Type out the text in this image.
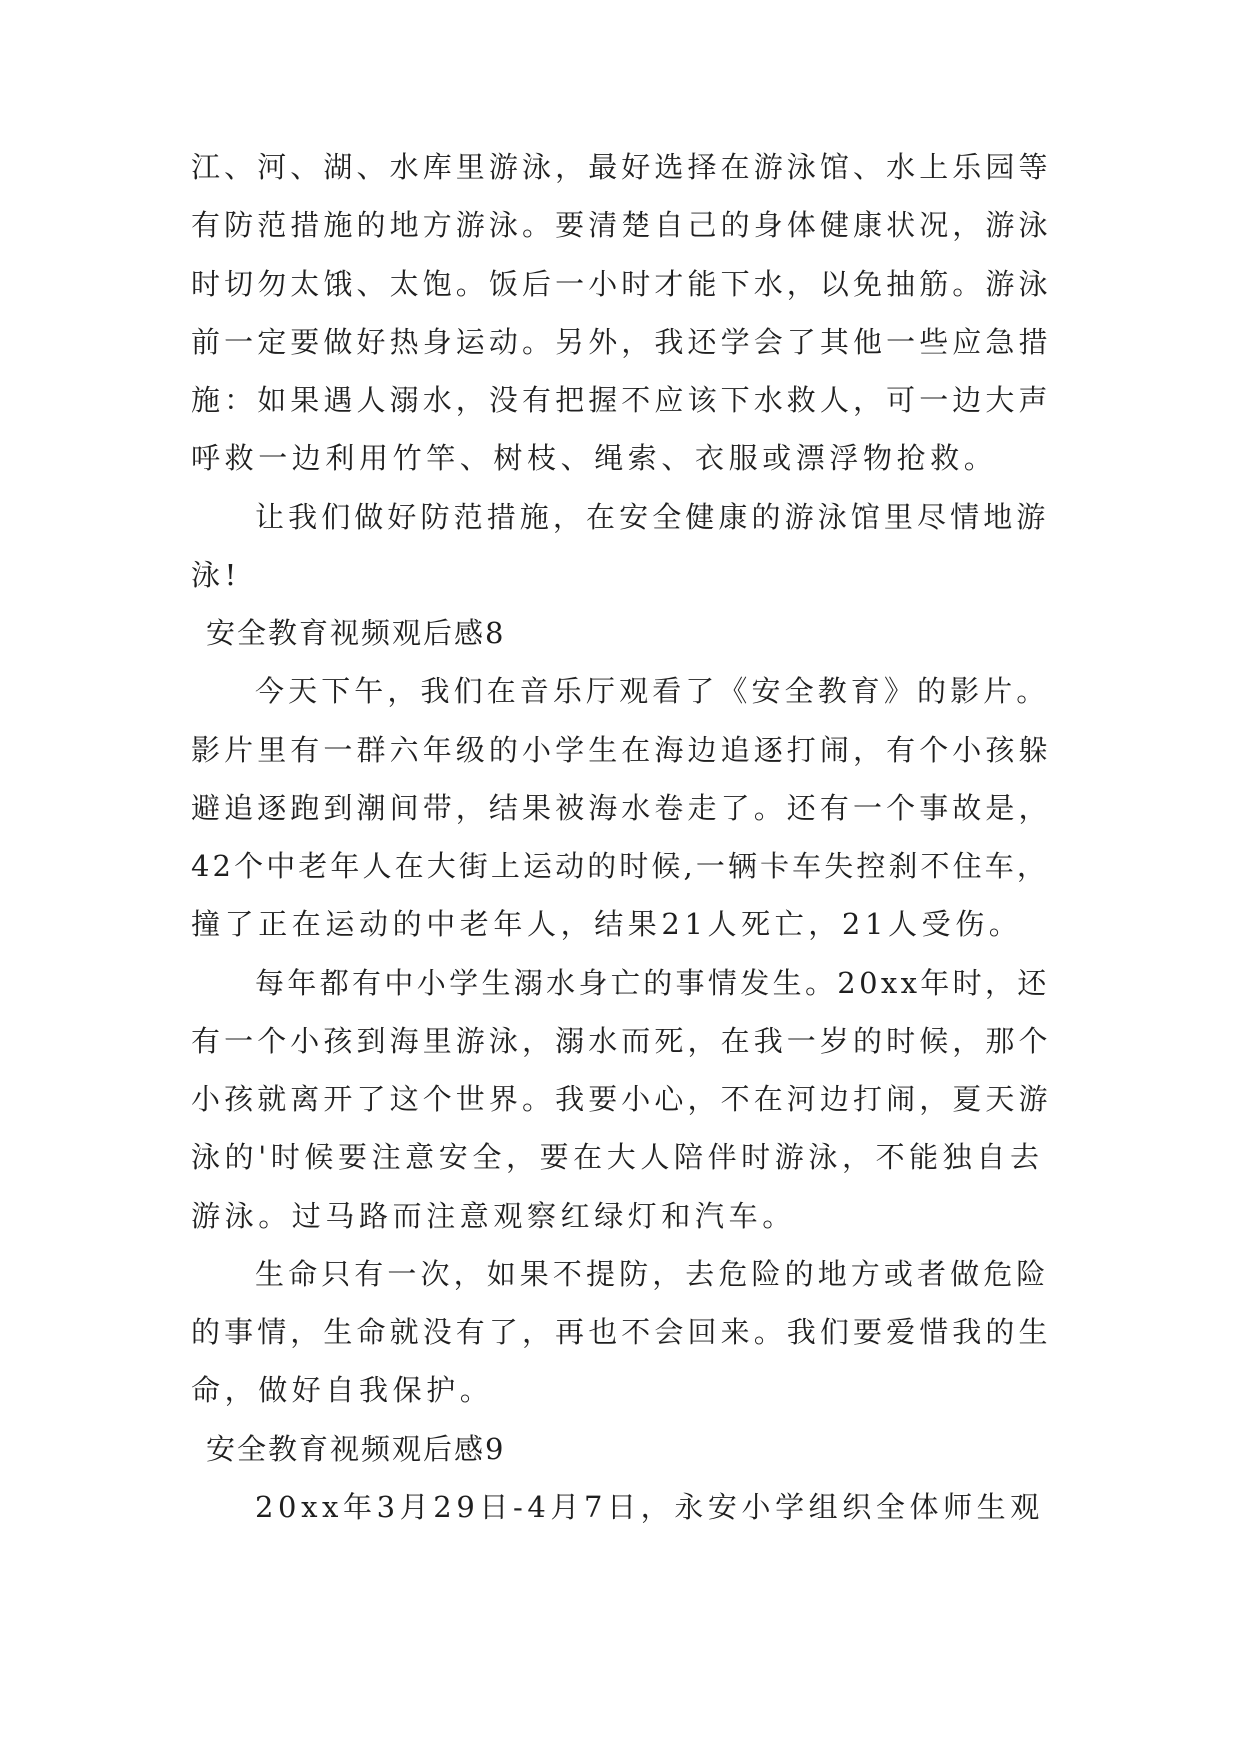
江、河、湖、水库里游泳，最好选择在游泳馆、水上乐园等
有防范措施的地方游泳。要清楚自己的身体健康状况，游泳
时切勿太饿、太饱。饭后一小时才能下水，以免抽筋。游泳
前一定要做好热身运动。另外，我还学会了其他一些应急措
施：如果遇人溺水，没有把握不应该下水救人，可一边大声
呼救一边利用竹竿、树枝、绳索、衣服或漂浮物抢救。
让我们做好防范措施，在安全健康的游泳馆里尽情地游
泳!
安全教育视频观后感8
今天下午，我们在音乐厅观看了《安全教育》的影片。
影片里有一群六年级的小学生在海边追逐打闹，有个小孩躲
避追逐跑到潮间带，结果被海水卷走了。还有一个事故是，
42个中老年人在大街上运动的时候,一辆卡车失控刹不住车，
撞了正在运动的中老年人，结果21人死亡，21人受伤。
每年都有中小学生溺水身亡的事情发生。20xx年时，还
有一个小孩到海里游泳，溺水而死，在我一岁的时候，那个
小孩就离开了这个世界。我要小心，不在河边打闹，夏天游
泳的'时候要注意安全，要在大人陪伴时游泳，不能独自去
游泳。过马路而注意观察红绿灯和汽车。
生命只有一次，如果不提防，去危险的地方或者做危险
的事情，生命就没有了，再也不会回来。我们要爱惜我的生
命，做好自我保护。
安全教育视频观后感9
20xx年3月29日-4月7日，永安小学组织全体师生观
